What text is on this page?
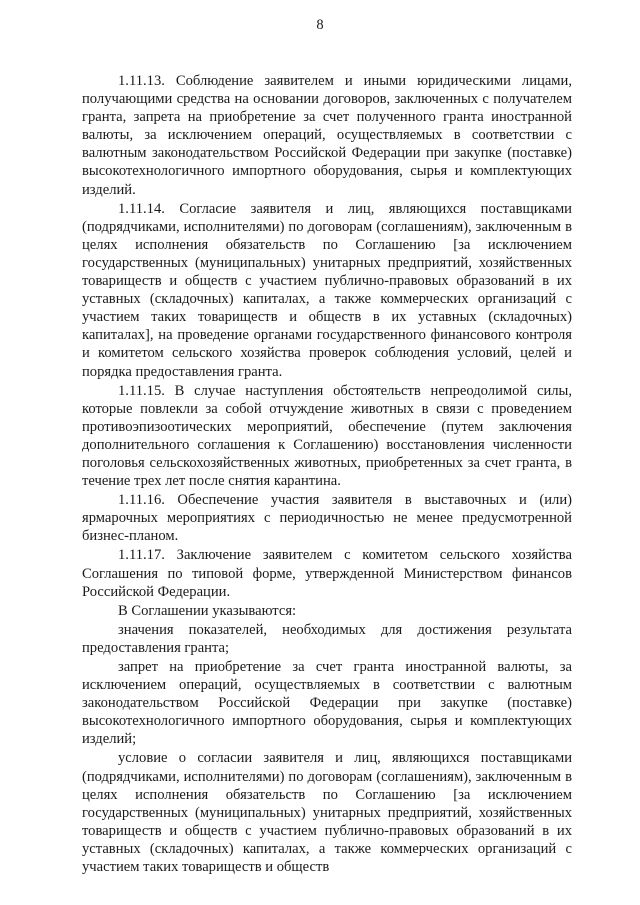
8

1.11.13. Соблюдение заявителем и иными юридическими лицами, получающими средства на основании договоров, заключенных с получателем гранта, запрета на приобретение за счет полученного гранта иностранной валюты, за исключением операций, осуществляемых в соответствии с валютным законодательством Российской Федерации при закупке (поставке) высокотехнологичного импортного оборудования, сырья и комплектующих изделий.

1.11.14. Согласие заявителя и лиц, являющихся поставщиками (подрядчиками, исполнителями) по договорам (соглашениям), заключенным в целях исполнения обязательств по Соглашению [за исключением государственных (муниципальных) унитарных предприятий, хозяйственных товариществ и обществ с участием публично-правовых образований в их уставных (складочных) капиталах, а также коммерческих организаций с участием таких товариществ и обществ в их уставных (складочных) капиталах], на проведение органами государственного финансового контроля и комитетом сельского хозяйства проверок соблюдения условий, целей и порядка предоставления гранта.

1.11.15. В случае наступления обстоятельств непреодолимой силы, которые повлекли за собой отчуждение животных в связи с проведением противоэпизоотических мероприятий, обеспечение (путем заключения дополнительного соглашения к Соглашению) восстановления численности поголовья сельскохозяйственных животных, приобретенных за счет гранта, в течение трех лет после снятия карантина.

1.11.16. Обеспечение участия заявителя в выставочных и (или) ярмарочных мероприятиях с периодичностью не менее предусмотренной бизнес-планом.

1.11.17. Заключение заявителем с комитетом сельского хозяйства Соглашения по типовой форме, утвержденной Министерством финансов Российской Федерации.

В Соглашении указываются:

значения показателей, необходимых для достижения результата предоставления гранта;

запрет на приобретение за счет гранта иностранной валюты, за исключением операций, осуществляемых в соответствии с валютным законодательством Российской Федерации при закупке (поставке) высокотехнологичного импортного оборудования, сырья и комплектующих изделий;

условие о согласии заявителя и лиц, являющихся поставщиками (подрядчиками, исполнителями) по договорам (соглашениям), заключенным в целях исполнения обязательств по Соглашению [за исключением государственных (муниципальных) унитарных предприятий, хозяйственных товариществ и обществ с участием публично-правовых образований в их уставных (складочных) капиталах, а также коммерческих организаций с участием таких товариществ и обществ
